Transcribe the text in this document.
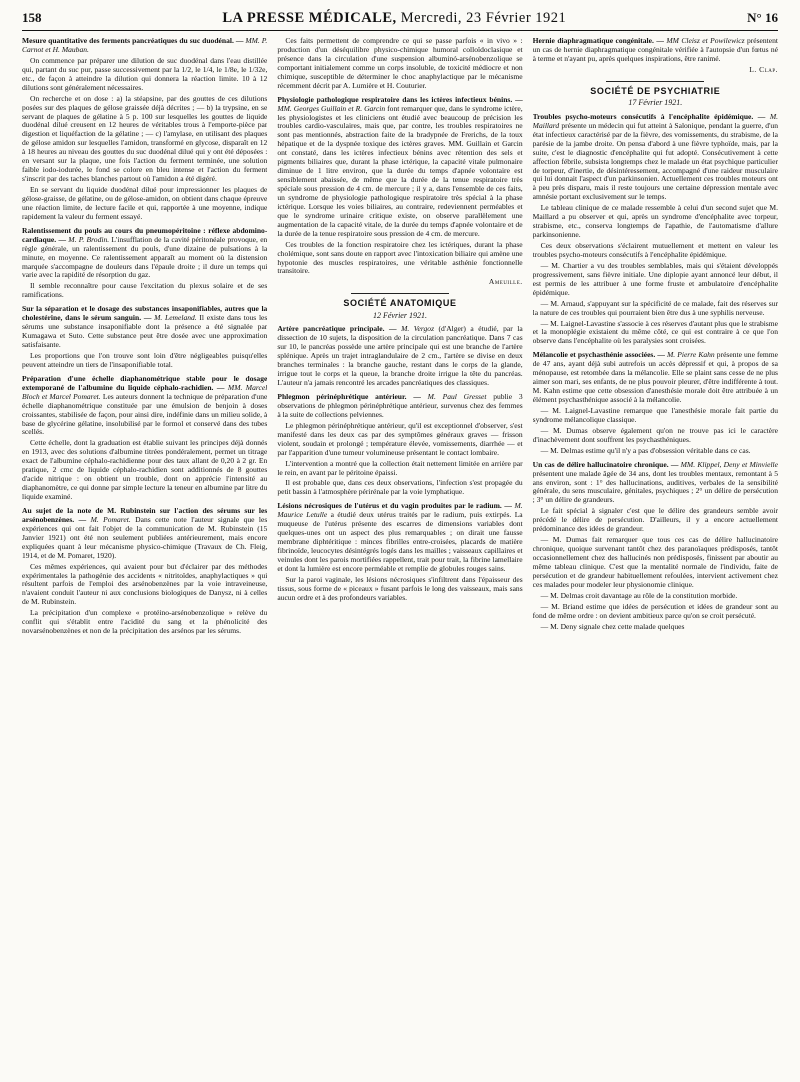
158	LA PRESSE MÉDICALE, Mercredi, 23 Février 1921	N° 16

Mesure quantitative des ferments pancréatiques du suc duodénal. — MM. P. Carnot et H. Mauban.

On commence par préparer une dilution de suc duodénal dans l'eau distillée qui, partant du suc pur, passe successivement par la 1/2, le 1/4, le 1/8e, le 1/32e, etc., de façon à atteindre la dilution qui donnera la réaction limite. 10 à 12 dilutions sont généralement nécessaires.

On recherche et on dose : a) la stéapsine, par des gouttes de ces dilutions posées sur des plaques de gélose graissée déjà décrites ; — b) la trypsine, en se servant de plaques de gélatine à 5 p. 100 sur lesquelles les gouttes de liquide duodénal dilué creusent en 12 heures de véritables trous à l'emporte-pièce par digestion et liquéfaction de la gélatine ; — c) l'amylase, en utilisant des plaques de gélose amidon sur lesquelles l'amidon, transformé en glycose, disparaît en 12 à 18 heures au niveau des gouttes du suc duodénal dilué qui y ont été déposées : en versant sur la plaque, une fois l'action du ferment terminée, une solution faible iodo-iodurée, le fond se colore en bleu intense et l'action du ferment s'inscrit par des taches blanches partout où l'amidon a été digéré.

En se servant du liquide duodénal dilué pour impressionner les plaques de gélose-graisse, de gélatine, ou de gélose-amidon, on obtient dans chaque épreuve une réaction limite, de lecture facile et qui, rapportée à une moyenne, indique rapidement la valeur du ferment essayé.

Ralentissement du pouls au cours du pneumopéritoine : réflexe abdomino-cardiaque. — M. P. Brodin. L'insufflation de la cavité péritonéale provoque, en règle générale, un ralentissement du pouls, d'une dizaine de pulsations à la minute, en moyenne. Ce ralentissement apparaît au moment où la distension marquée s'accompagne de douleurs dans l'épaule droite ; il dure un temps qui varie avec la rapidité de résorption du gaz.

Il semble reconnaître pour cause l'excitation du plexus solaire et de ses ramifications.

Sur la séparation et le dosage des substances insaponifiables, autres que la cholestérine, dans le sérum sanguin. — M. Lemeland. Il existe dans tous les sérums une substance insaponifiable dont la présence a été signalée par Kumagawa et Suto. Cette substance peut être dosée avec une approximation satisfaisante.

Les proportions que l'on trouve sont loin d'être négligeables puisqu'elles peuvent atteindre un tiers de l'insaponifiable total.

Préparation d'une échelle diaphanométrique stable pour le dosage extemporané de l'albumine du liquide céphalo-rachidien. — MM. Marcel Bloch et Marcel Pomaret. Les auteurs donnent la technique de préparation d'une échelle diaphanométrique constituée par une émulsion de benjoin à doses croissantes, stabilisée de façon, pour ainsi dire, indéfinie dans un milieu solide, à base de glycérine gélatine, insolubilisé par le formol et conservé dans des tubes scellés.

Cette échelle, dont la graduation est établie suivant les principes déjà donnés en 1913, avec des solutions d'albumine titrées pondéralement, permet un titrage exact de l'albumine céphalo-rachidienne pour des taux allant de 0,20 à 2 gr. En pratique, 2 cmc de liquide céphalo-rachidien sont additionnés de 8 gouttes d'acide nitrique : on obtient un trouble, dont on apprécie l'intensité au diaphanomètre, ce qui donne par simple lecture la teneur en albumine par litre du liquide examiné.

Au sujet de la note de M. Rubinstein sur l'action des sérums sur les arsénobenzènes. — M. Pomaret. Dans cette note l'auteur signale que les expériences qui ont fait l'objet de la communication de M. Rubinstein (15 Janvier 1921) ont été non seulement publiées antérieurement, mais encore expliquées quant à leur mécanisme physico-chimique (Travaux de Ch. Fleig, 1914, et de M. Pomaret, 1920).

Ces mêmes expériences, qui avaient pour but d'éclairer par des méthodes expérimentales la pathogénie des accidents « nitritoïdes, anaphylactiques » qui résultent parfois de l'emploi des arsénobenzènes par la voie intraveineuse, n'avaient conduit l'auteur ni aux conclusions biologiques de Danysz, ni à celles de M. Rubinstein.

La précipitation d'un complexe « protéino-arsénobenzolique » relève du conflit qui s'établit entre l'acidité du sang et la phénolicité des novarsénobenzènes et non de la précipitation des arsénos par les sérums.

Ces faits permettent de comprendre ce qui se passe parfois « in vivo » : production d'un déséquilibre physico-chimique humoral colloïdoclasique et présence dans la circulation d'une suspension albuminó-arsénobenzolique se comportant initialement comme un corps insoluble, de toxicité médiocre et non chimique, susceptible de déterminer le choc anaphylactique par le mécanisme récemment décrit par A. Lumière et H. Couturier.

Physiologie pathologique respiratoire dans les ictères infectieux bénins. — MM. Georges Guillain et R. Garcin font remarquer que, dans le syndrome ictère, les physiologistes et les cliniciens ont étudié avec beaucoup de précision les troubles cardio-vasculaires, mais que, par contre, les troubles respiratoires ne sont pas mentionnés, abstraction faite de la bradypnée de Frerichs, de la toux hépatique et de la dyspnée toxique des ictères graves. MM. Guillain et Garcin ont constaté, dans les ictères infectieux bénins avec rétention des sels et pigments biliaires que, durant la phase ictérique, la capacité vitale pulmonaire diminue de 1 litre environ, que la durée du temps d'apnée volontaire est sensiblement abaissée, de même que la durée de la tenue respiratoire très spéciale sous pression de 4 cm. de mercure ; il y a, dans l'ensemble de ces faits, un syndrome de physiologie pathologique respiratoire très spécial à la phase ictérique. Lorsque les voies biliaires, au contraire, redeviennent perméables et que le syndrome urinaire critique existe, on observe parallèlement une augmentation de la capacité vitale, de la durée du temps d'apnée volontaire et de la durée de la tenue respiratoire sous pression de 4 cm. de mercure.

Ces troubles de la fonction respiratoire chez les ictériques, durant la phase cholémique, sont sans doute en rapport avec l'intoxication biliaire qui amène une hypotonie des muscles respiratoires, une véritable asthénie fonctionnelle transitoire.

Ameuille.

SOCIÉTÉ ANATOMIQUE
12 Février 1921.

Artère pancréatique principale. — M. Vergoz (d'Alger) a étudié, par la dissection de 10 sujets, la disposition de la circulation pancréatique. Dans 7 cas sur 10, le pancréas possède une artère principale qui est une branche de l'artère splénique. Après un trajet intraglandulaire de 2 cm., l'artère se divise en deux branches terminales : la branche gauche, restant dans le corps de la glande, irrigue tout le corps et la queue, la branche droite irrigue la tête du pancréas. L'auteur n'a jamais rencontré les arcades pancréatiques des classiques.

Phlegmon périnéphrétique antérieur. — M. Paul Gresset publie 3 observations de phlegmon périnéphrétique antérieur, survenus chez des femmes à la suite de collections pelviennes.

Le phlegmon périnéphrétique antérieur, qu'il est exceptionnel d'observer, s'est manifesté dans les deux cas par des symptômes généraux graves — frisson violent, soudain et prolongé ; température élevée, vomissements, diarrhée — et par l'apparition d'une tumeur volumineuse présentant le contact lombaire.

L'intervention a montré que la collection était nettement limitée en arrière par le rein, en avant par le péritoine épaissi.

Il est probable que, dans ces deux observations, l'infection s'est propagée du petit bassin à l'atmosphère périrénale par la voie lymphatique.

Lésions nécrosiques de l'utérus et du vagin produites par le radium. — M. Maurice Letulle a étudié deux utérus traités par le radium, puis extirpés. La muqueuse de l'utérus présente des escarres de dimensions variables dont quelques-unes ont un aspect des plus remarquables ; on dirait une fausse membrane diphtéritique : minces fibrilles entre-croisées, placards de matière fibrinoïde, leucocytes désintégrés logés dans les mailles ; vaisseaux capillaires et veinules dont les parois mortifiées rappellent, trait pour trait, la fibrine lamellaire et dont la lumière est encore perméable et remplie de globules rouges sains.

Sur la paroi vaginale, les lésions nécrosiques s'infiltrent dans l'épaisseur des tissus, sous forme de « piceaux » fusant parfois le long des vaisseaux, mais sans aucun ordre et à des profondeurs variables.

Hernie diaphragmatique congénitale. — MM Cleisz et Powilewicz présentent un cas de hernie diaphragmatique congénitale vérifiée à l'autopsie d'un fœtus né à terme et n'ayant pu, après quelques inspirations, être ranimé.

L. Clap.

SOCIÉTÉ DE PSYCHIATRIE
17 Février 1921.

Troubles psycho-moteurs consécutifs à l'encéphalite épidémique. — M. Maillard présente un médecin qui fut atteint à Salonique, pendant la guerre, d'un état infectieux caractérisé par de la fièvre, des vomissements, du strabisme, de la parésie de la jambe droite. On pensa d'abord à une fièvre typhoïde, mais, par la suite, c'est le diagnostic d'encéphalite qui fut adopté. Consécutivement à cette affection fébrile, subsista longtemps chez le malade un état psychique particulier de torpeur, d'inertie, de désintéressement, accompagné d'une raideur musculaire qui lui donnait l'aspect d'un parkinsonien. Actuellement ces troubles moteurs ont à peu près disparu, mais il reste toujours une certaine dépression mentale avec amnésie portant exclusivement sur le temps.

Le tableau clinique de ce malade ressemble à celui d'un second sujet que M. Maillard a pu observer et qui, après un syndrome d'encéphalite avec torpeur, strabisme, etc., conserva longtemps de l'apathie, de l'automatisme d'allure parkinsonienne.

Ces deux observations s'éclairent mutuellement et mettent en valeur les troubles psycho-moteurs consécutifs à l'encéphalite épidémique.

— M. Chartier a vu des troubles semblables, mais qui s'étaient développés progressivement, sans fièvre initiale. Une diplopie ayant annoncé leur début, il est permis de les attribuer à une forme fruste et ambulatoire d'encéphalite épidémique.

— M. Arnaud, s'appuyant sur la spécificité de ce malade, fait des réserves sur la nature de ces troubles qui pourraient bien être dus à une syphilis nerveuse.

— M. Laignel-Lavastine s'associe à ces réserves d'autant plus que le strabisme et la monoplégie existaient du même côté, ce qui est contraire à ce que l'on observe dans l'encéphalite où les paralysies sont croisées.

Mélancolie et psychasthénie associées. — M. Pierre Kahn présente une femme de 47 ans, ayant déjà subi autrefois un accès dépressif et qui, à propos de sa ménopause, est retombée dans la mélancolie. Elle se plaint sans cesse de ne plus aimer son mari, ses enfants, de ne plus pouvoir pleurer, d'être indifférente à tout. M. Kahn estime que cette obsession d'anesthésie morale doit être attribuée à un élément psychasthénique associé à la mélancolie.

— M. Laignel-Lavastine remarque que l'anesthésie morale fait partie du syndrome mélancolique classique.

— M. Dumas observe également qu'on ne trouve pas ici le caractère d'inachèvement dont souffrent les psychasthéniques.

— M. Delmas estime qu'il n'y a pas d'obsession véritable dans ce cas.

Un cas de délire hallucinatoire chronique. — MM. Klippel, Deny et Minvielle présentent une malade âgée de 34 ans, dont les troubles mentaux, remontant à 5 ans environ, sont : 1° des hallucinations, auditives, verbales de la sensibilité générale, du sens musculaire, génitales, psychiques ; 2° un délire de persécution ; 3° un délire de grandeurs.

Le fait spécial à signaler c'est que le délire des grandeurs semble avoir précédé le délire de persécution. D'ailleurs, il y a encore actuellement prédominance des idées de grandeur.

— M. Dumas fait remarquer que tous ces cas de délire hallucinatoire chronique, quoique survenant tantôt chez des paranoïaques prédisposés, tantôt occasionnellement chez des hallucinés non prédisposés, finissent par aboutir au même tableau clinique. C'est que la mentalité normale de l'individu, faite de persécution et de grandeur habituellement refoulées, intervient activement chez ces malades pour modeler leur physionomie clinique.

— M. Delmas croit davantage au rôle de la constitution morbide.

— M. Briand estime que idées de persécution et idées de grandeur sont au fond de même ordre : on devient ambitieux parce qu'on se croit persécuté.

— M. Deny signale chez cette malade quelques
